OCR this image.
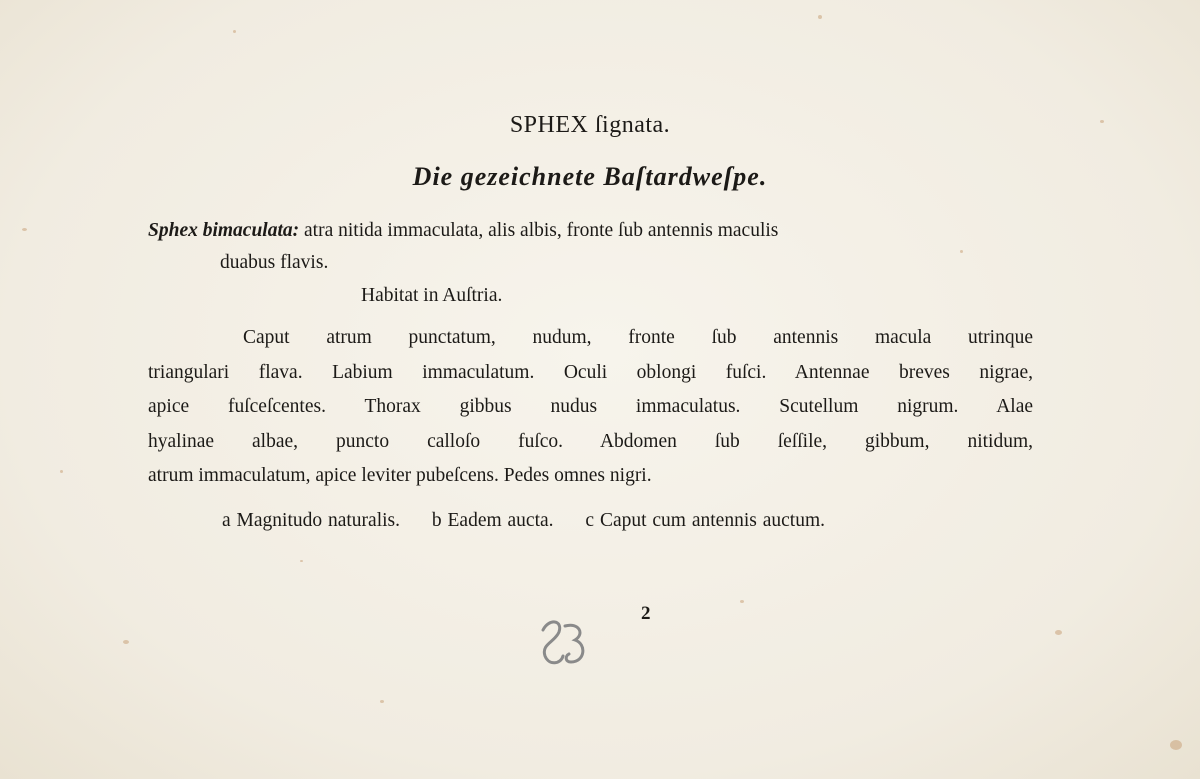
SPHEX ſignata.
Die gezeichnete Baſtardweſpe.
Sphex bimaculata: atra nitida immaculata, alis albis, fronte ſub antennis maculis
duabus flavis.
Habitat in Auſtria.
Caput atrum punctatum, nudum, fronte ſub antennis macula utrinque
triangulari flava. Labium immaculatum. Oculi oblongi fuſci. Antennae breves nigrae,
apice fuſceſcentes. Thorax gibbus nudus immaculatus. Scutellum nigrum. Alae
hyalinae albae, puncto calloſo fuſco. Abdomen ſub ſeſſile, gibbum, nitidum,
atrum immaculatum, apice leviter pubeſcens. Pedes omnes nigri.
a Magnitudo naturalis. b Eadem aucta. c Caput cum antennis auctum.
2
